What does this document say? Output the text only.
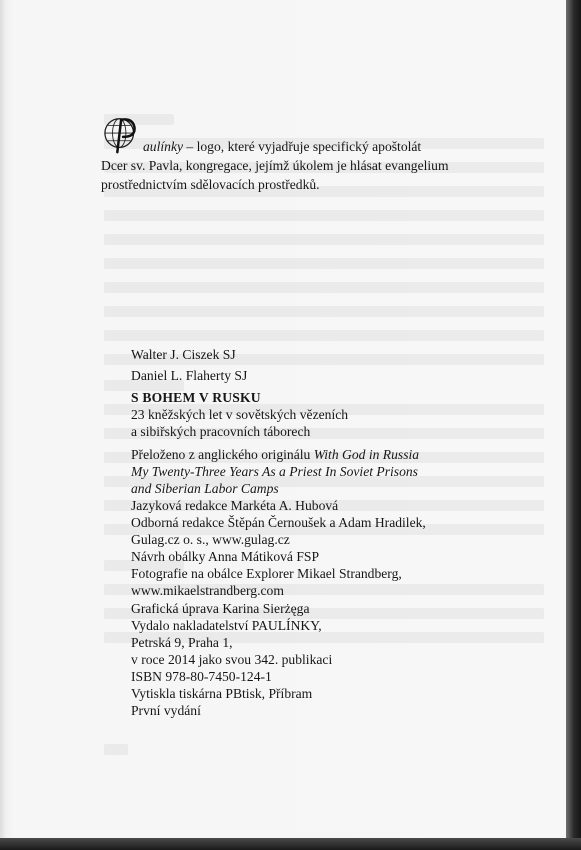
aulínky – logo, které vyjadřuje specifický apoštolát
Dcer sv. Pavla, kongregace, jejímž úkolem je hlásat evangelium
prostřednictvím sdělovacích prostředků.
Walter J. Ciszek SJ
Daniel L. Flaherty SJ
S BOHEM V RUSKU
23 kněžských let v sovětských vězeních
a sibiřských pracovních táborech
Přeloženo z anglického originálu With God in Russia
My Twenty-Three Years As a Priest In Soviet Prisons
and Siberian Labor Camps
Jazyková redakce Markéta A. Hubová
Odborná redakce Štěpán Černoušek a Adam Hradilek,
Gulag.cz o. s., www.gulag.cz
Návrh obálky Anna Mátiková FSP
Fotografie na obálce Explorer Mikael Strandberg,
www.mikaelstrandberg.com
Grafická úprava Karina Sierżęga
Vydalo nakladatelství PAULÍNKY,
Petrská 9, Praha 1,
v roce 2014 jako svou 342. publikaci
ISBN 978-80-7450-124-1
Vytiskla tiskárna PBtisk, Příbram
První vydání
